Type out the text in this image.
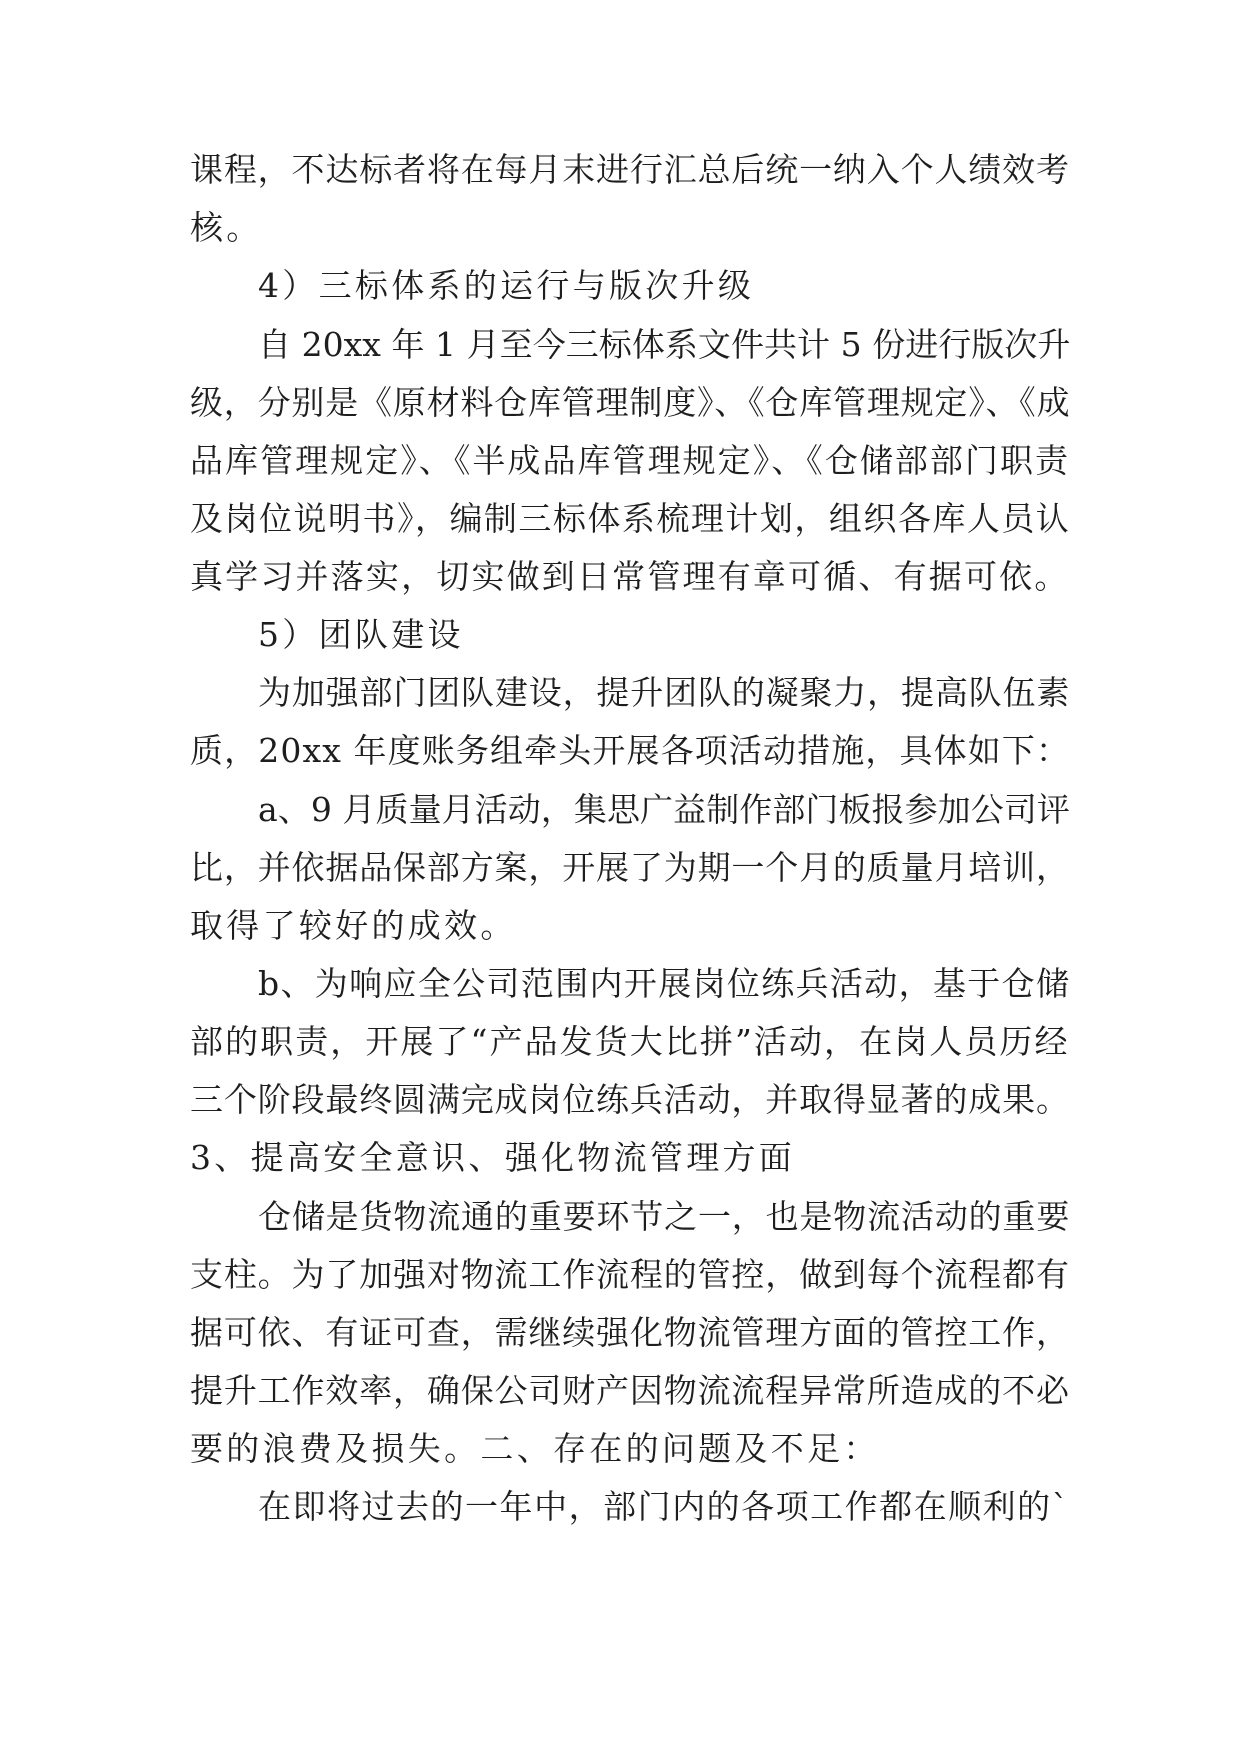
课程，不达标者将在每月末进行汇总后统一纳入个人绩效考
核。
4）三标体系的运行与版次升级
自 20xx 年 1 月至今三标体系文件共计 5 份进行版次升
级，分别是《原材料仓库管理制度》、《仓库管理规定》、《成
品库管理规定》、《半成品库管理规定》、《仓储部部门职责
及岗位说明书》，编制三标体系梳理计划，组织各库人员认
真学习并落实，切实做到日常管理有章可循、有据可依。
5）团队建设
为加强部门团队建设，提升团队的凝聚力，提高队伍素
质，20xx 年度账务组牵头开展各项活动措施，具体如下：
a、9 月质量月活动，集思广益制作部门板报参加公司评
比，并依据品保部方案，开展了为期一个月的质量月培训，
取得了较好的成效。
b、为响应全公司范围内开展岗位练兵活动，基于仓储
部的职责，开展了“产品发货大比拼”活动，在岗人员历经
三个阶段最终圆满完成岗位练兵活动，并取得显著的成果。
3、提高安全意识、强化物流管理方面
仓储是货物流通的重要环节之一，也是物流活动的重要
支柱。为了加强对物流工作流程的管控，做到每个流程都有
据可依、有证可查，需继续强化物流管理方面的管控工作，
提升工作效率，确保公司财产因物流流程异常所造成的不必
要的浪费及损失。二、存在的问题及不足：
在即将过去的一年中，部门内的各项工作都在顺利的`
